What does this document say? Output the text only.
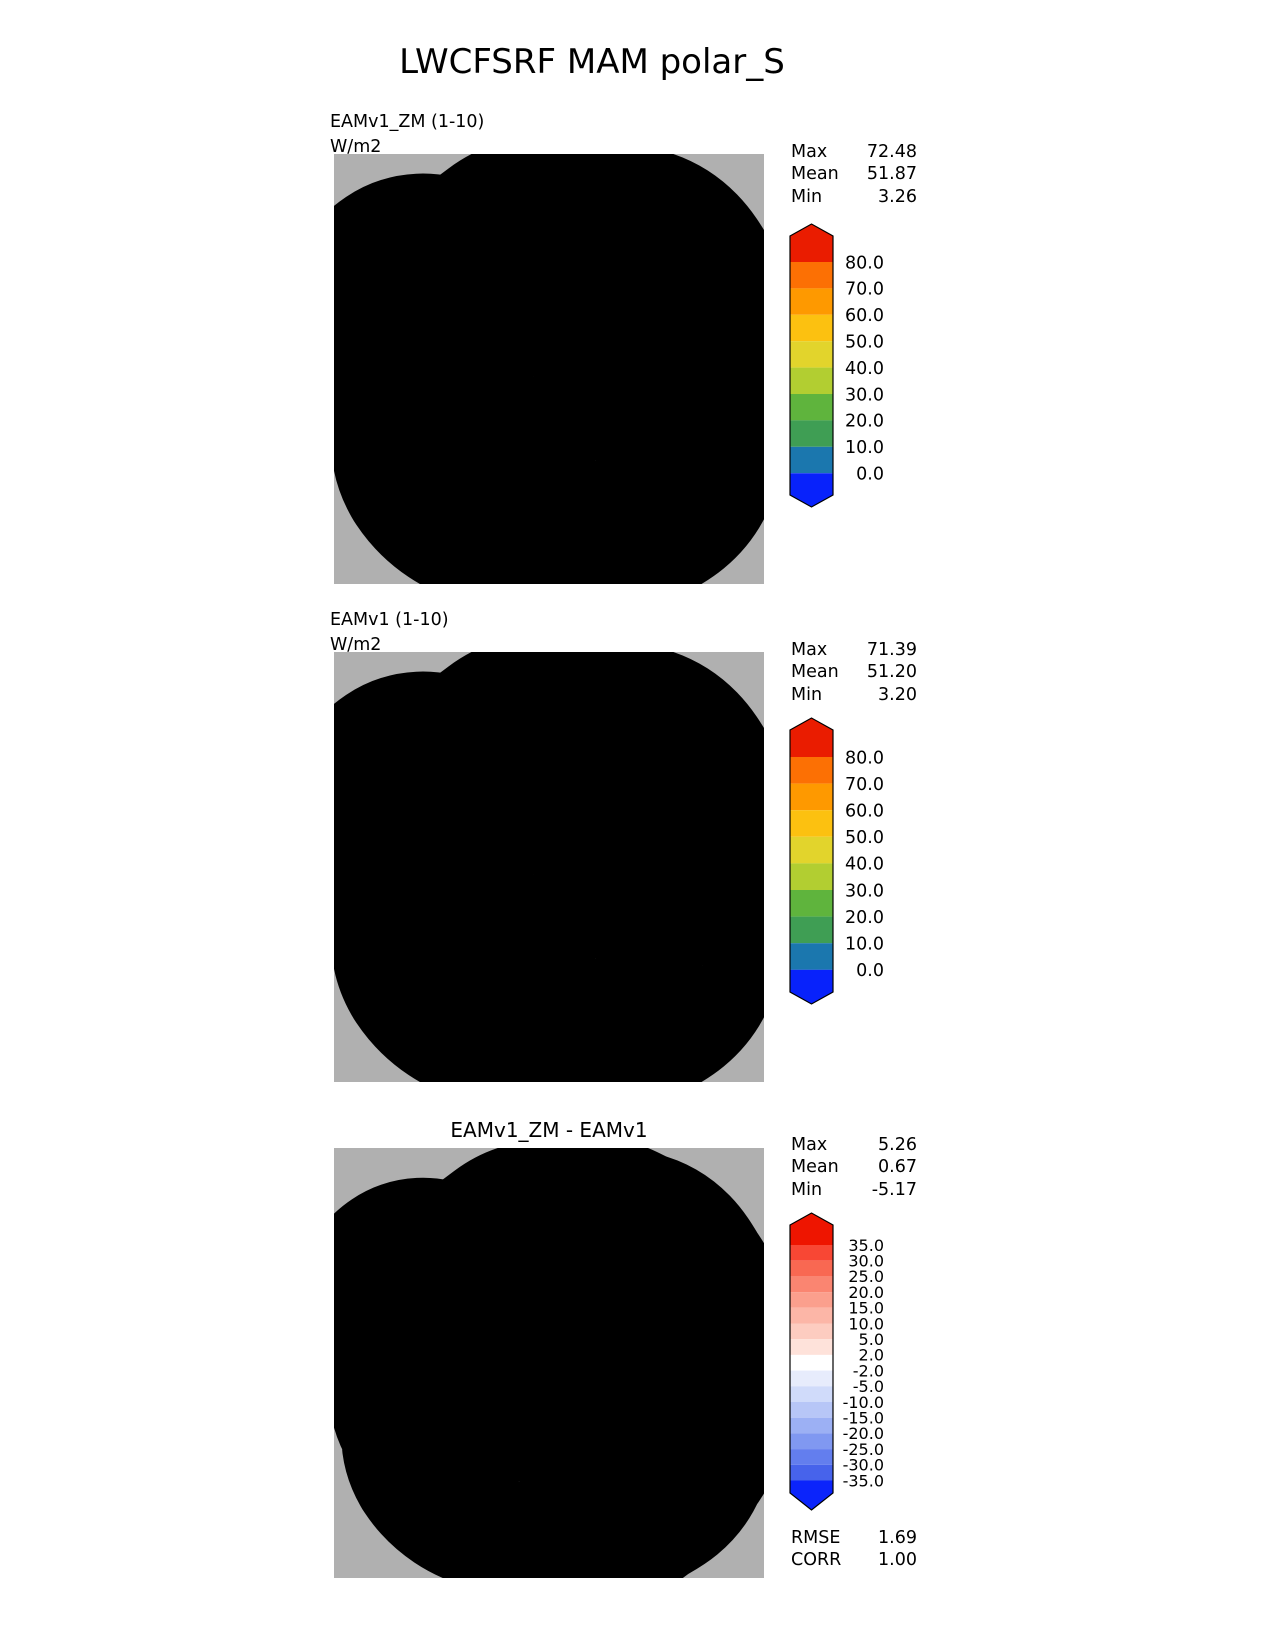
LWCFSRF MAM polar_S
EAMv1_ZM (1-10)
W/m2	Max 72.48
Mean 51.87
Min	3.26
EAMv1 (1-10)
W/m2	Max 71.39
Mean 51.20
Min	3.20
EAMv1_ZM - EAMv1
Max	5.26
Mean 0.67
Min	-5.17
RMSE 1.69
CORR 1.00
80.0
70.0
60.0
50.0
40.0
30.0
20.0
10.0
0.0
80.0
70.0
60.0
50.0
40.0
30.0
20.0
10.0
0.0
35.0
30.0
25.0
20.0
15.0
10.0
5.0
2.0
-2.0
-5.0
-10.0
-15.0
-20.0
-25.0
-30.0
-35.0
